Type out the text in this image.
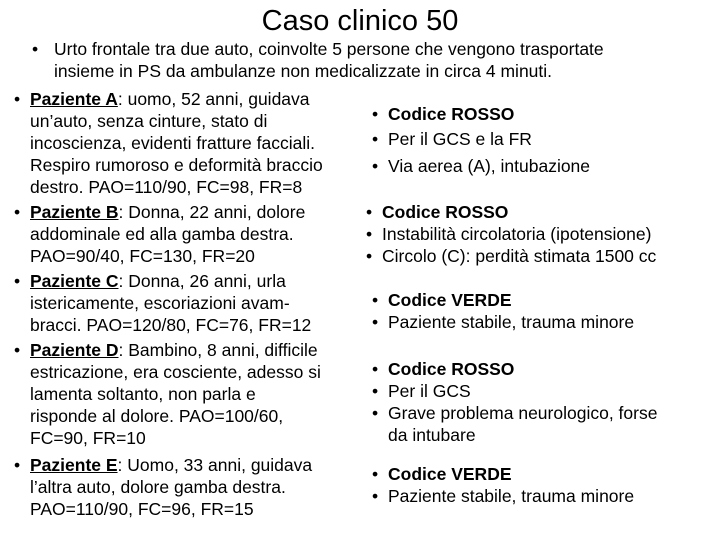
Caso clinico 50
• Urto frontale tra due auto, coinvolte 5 persone che vengono trasportate
insieme in PS da ambulanze non medicalizzate in circa 4 minuti.
• Paziente A: uomo, 52 anni, guidava
un’auto, senza cinture, stato di
incoscienza, evidenti fratture facciali.
Respiro rumoroso e deformità braccio
destro. PAO=110/90, FC=98, FR=8
• Codice ROSSO
• Per il GCS e la FR
• Via aerea (A), intubazione
• Paziente B: Donna, 22 anni, dolore
addominale ed alla gamba destra.
PAO=90/40, FC=130, FR=20
• Codice ROSSO
• Instabilità circolatoria (ipotensione)
• Circolo (C): perdità stimata 1500 cc
• Paziente C: Donna, 26 anni, urla
istericamente, escoriazioni avam-
bracci. PAO=120/80, FC=76, FR=12
• Codice VERDE
• Paziente stabile, trauma minore
• Paziente D: Bambino, 8 anni, difficile
estricazione, era cosciente, adesso si
lamenta soltanto, non parla e
risponde al dolore. PAO=100/60,
FC=90, FR=10
• Codice ROSSO
• Per il GCS
• Grave problema neurologico, forse
da intubare
• Paziente E: Uomo, 33 anni, guidava
l’altra auto, dolore gamba destra.
PAO=110/90, FC=96, FR=15
• Codice VERDE
• Paziente stabile, trauma minore
